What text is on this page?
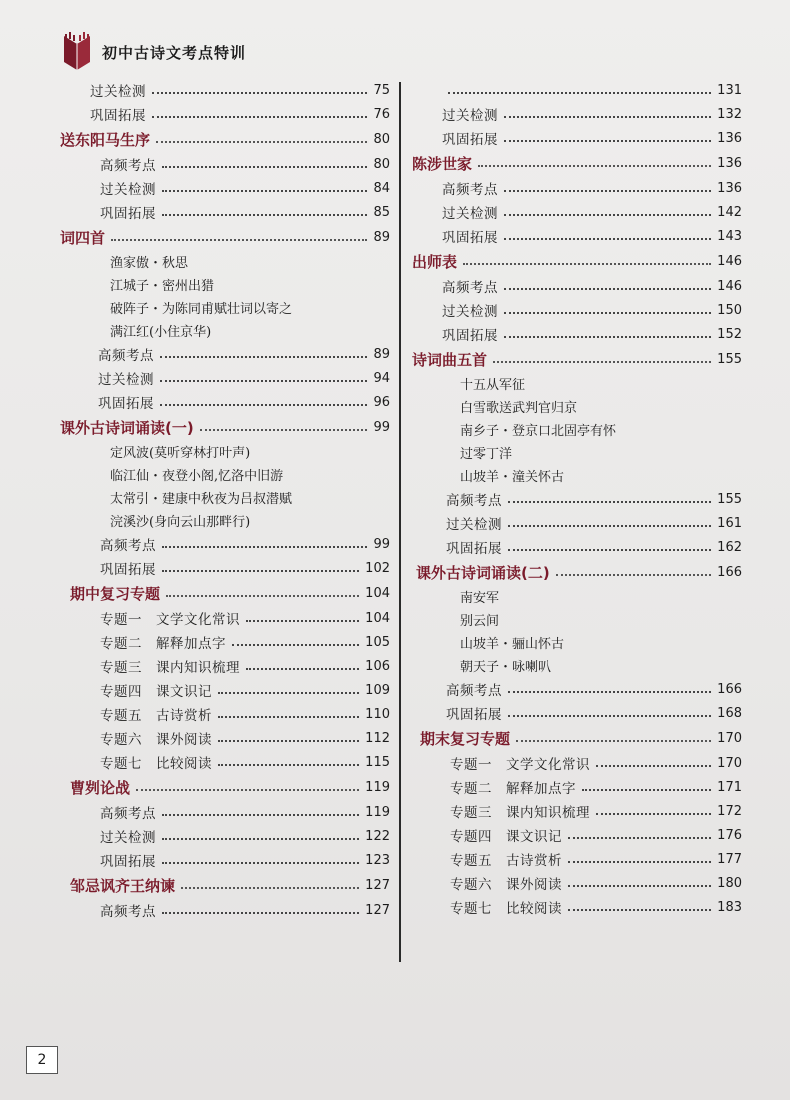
初中古诗文考点特训
过关检测	75
巩固拓展	76
送东阳马生序	80
高频考点	80
过关检测	84
巩固拓展	85
词四首	89
渔家傲・秋思
江城子・密州出猎
破阵子・为陈同甫赋壮词以寄之
满江红(小住京华)
高频考点	89
过关检测	94
巩固拓展	96
课外古诗词诵读(一)	99
定风波(莫听穿林打叶声)
临江仙・夜登小阁,忆洛中旧游
太常引・建康中秋夜为吕叔潜赋
浣溪沙(身向云山那畔行)
高频考点	99
巩固拓展	102
期中复习专题	104
专题一　文学文化常识	104
专题二　解释加点字	105
专题三　课内知识梳理	106
专题四　课文识记	109
专题五　古诗赏析	110
专题六　课外阅读	112
专题七　比较阅读	115
曹刿论战	119
高频考点	119
过关检测	122
巩固拓展	123
邹忌讽齐王纳谏	127
高频考点	127
131
过关检测	132
巩固拓展	136
陈涉世家	136
高频考点	136
过关检测	142
巩固拓展	143
出师表	146
高频考点	146
过关检测	150
巩固拓展	152
诗词曲五首	155
十五从军征
白雪歌送武判官归京
南乡子・登京口北固亭有怀
过零丁洋
山坡羊・潼关怀古
高频考点	155
过关检测	161
巩固拓展	162
课外古诗词诵读(二)	166
南安军
别云间
山坡羊・骊山怀古
朝天子・咏喇叭
高频考点	166
巩固拓展	168
期末复习专题	170
专题一　文学文化常识	170
专题二　解释加点字	171
专题三　课内知识梳理	172
专题四　课文识记	176
专题五　古诗赏析	177
专题六　课外阅读	180
专题七　比较阅读	183
2
